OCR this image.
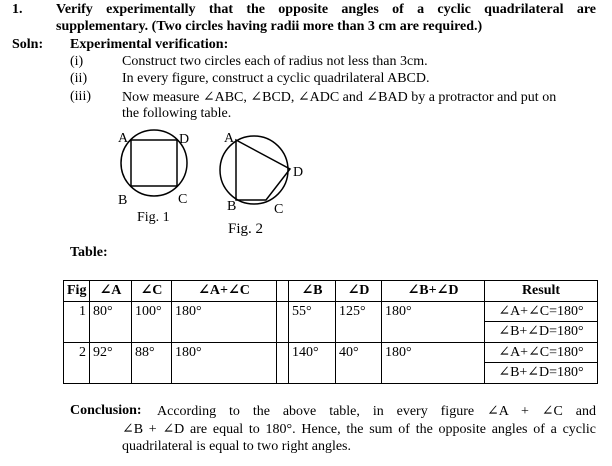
1. Verify experimentally that the opposite angles of a cyclic quadrilateral are
supplementary. (Two circles having radii more than 3 cm are required.)
Soln: Experimental verification:
(i)	Construct two circles each of radius not less than 3cm.
(ii) In every figure, construct a cyclic quadrilateral ABCD.
(iii) Now measure ∠ABC, ∠BCD, ∠ADC and ∠BAD by a protractor and put on
the following table.
A	D
B	C
Fig. 1
A
D
B	C
Fig. 2
Table:
Fig	∠A	∠C	∠A+∠C		∠B	∠D	∠B+∠D	Result
1	80°	100°	180°		55°	125°	180°	∠A+∠C=180°
∠B+∠D=180°

2	92°	88°	180°		140°	40°	180°	∠A+∠C=180°
∠B+∠D=180°
Conclusion: According to the above table, in every figure ∠A + ∠C and
∠B + ∠D are equal to 180°. Hence, the sum of the opposite angles of a cyclic
quadrilateral is equal to two right angles.
